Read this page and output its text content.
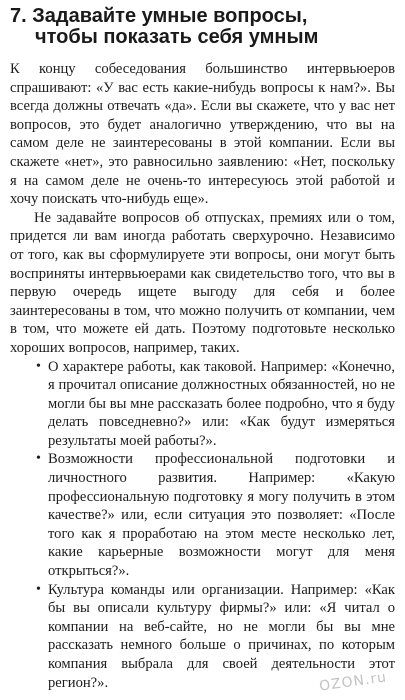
7. Задавайте умные вопросы,
чтобы показать себя умным

К концу собеседования большинство интервьюеров спрашивают: «У вас есть какие-нибудь вопросы к нам?». Вы всегда должны отвечать «да». Если вы скажете, что у вас нет вопросов, это будет аналогично утверждению, что вы на самом деле не заинтересованы в этой компании. Если вы скажете «нет», это равносильно заявлению: «Нет, поскольку я на самом деле не очень-то интересуюсь этой работой и хочу поискать что-нибудь еще».

Не задавайте вопросов об отпусках, премиях или о том, придется ли вам иногда работать сверхурочно. Независимо от того, как вы сформулируете эти вопросы, они могут быть восприняты интервьюерами как свидетельство того, что вы в первую очередь ищете выгоду для себя и более заинтересованы в том, что можно получить от компании, чем в том, что можете ей дать. Поэтому подготовьте несколько хороших вопросов, например, таких.

• О характере работы, как таковой. Например: «Конечно, я прочитал описание должностных обязанностей, но не могли бы вы мне рассказать более подробно, что я буду делать повседневно?» или: «Как будут измеряться результаты моей работы?».
• Возможности профессиональной подготовки и личностного развития. Например: «Какую профессиональную подготовку я могу получить в этом качестве?» или, если ситуация это позволяет: «После того как я проработаю на этом месте несколько лет, какие карьерные возможности могут для меня открыться?».
• Культура команды или организации. Например: «Как бы вы описали культуру фирмы?» или: «Я читал о компании на веб-сайте, но не могли бы вы мне рассказать немного больше о причинах, по которым компания выбрала для своей деятельности этот регион?».	OZON.ru
